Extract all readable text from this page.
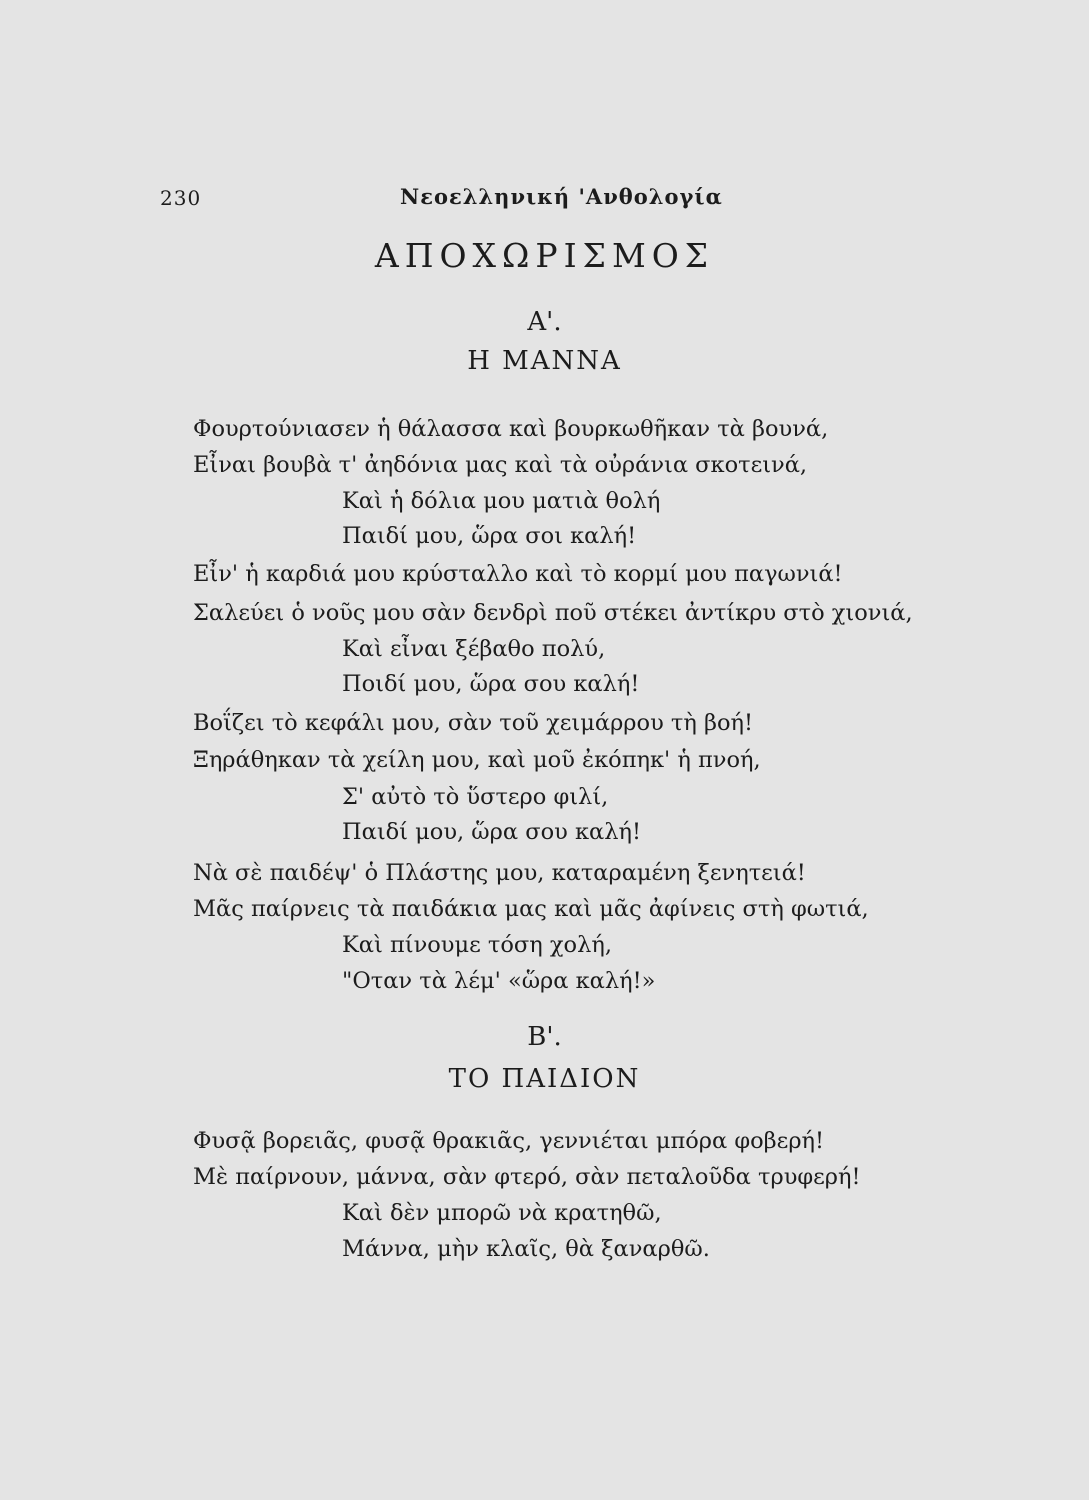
230	Νεοελληνική 'Ανθολογία
ΑΠΟΧΩΡΙΣΜΟΣ
Α'.
Η ΜΑΝΝΑ
Φουρτούνιασεν ἡ θάλασσα καὶ βουρκωθῆκαν τὰ βουνά,
Εἶναι βουβὰ τ' ἀηδόνια μας καὶ τὰ οὐράνια σκοτεινά,
Καὶ ἡ δόλια μου ματιὰ θολή
Παιδί μου, ὥρα σοι καλή!
Εἶν' ἡ καρδιά μου κρύσταλλο καὶ τὸ κορμί μου παγωνιά!
Σαλεύει ὁ νοῦς μου σὰν δενδρὶ ποῦ στέκει ἀντίκρυ στὸ χιονιά,
Καὶ εἶναι ξέβαθο πολύ,
Ποιδί μου, ὥρα σου καλή!
Βοΐζει τὸ κεφάλι μου, σὰν τοῦ χειμάρρου τὴ βοή!
Ξηράθηκαν τὰ χείλη μου, καὶ μοῦ ἐκόπηκ' ἡ πνοή,
Σ' αὐτὸ τὸ ὕστερο φιλί,
Παιδί μου, ὥρα σου καλή!
Νὰ σὲ παιδέψ' ὁ Πλάστης μου, καταραμένη ξενητειά!
Μᾶς παίρνεις τὰ παιδάκια μας καὶ μᾶς ἀφίνεις στὴ φωτιά,
Καὶ πίνουμε τόση χολή,
"Οταν τὰ λέμ' «ὥρα καλή!»
Β'.
ΤΟ ΠΑΙΔΙΟΝ
Φυσᾷ βορειᾶς, φυσᾷ θρακιᾶς, γεννιέται μπόρα φοβερή!
Μὲ παίρνουν, μάννα, σὰν φτερό, σὰν πεταλοῦδα τρυφερή!
Καὶ δὲν μπορῶ νὰ κρατηθῶ,
Μάννα, μὴν κλαῖς, θὰ ξαναρθῶ.
